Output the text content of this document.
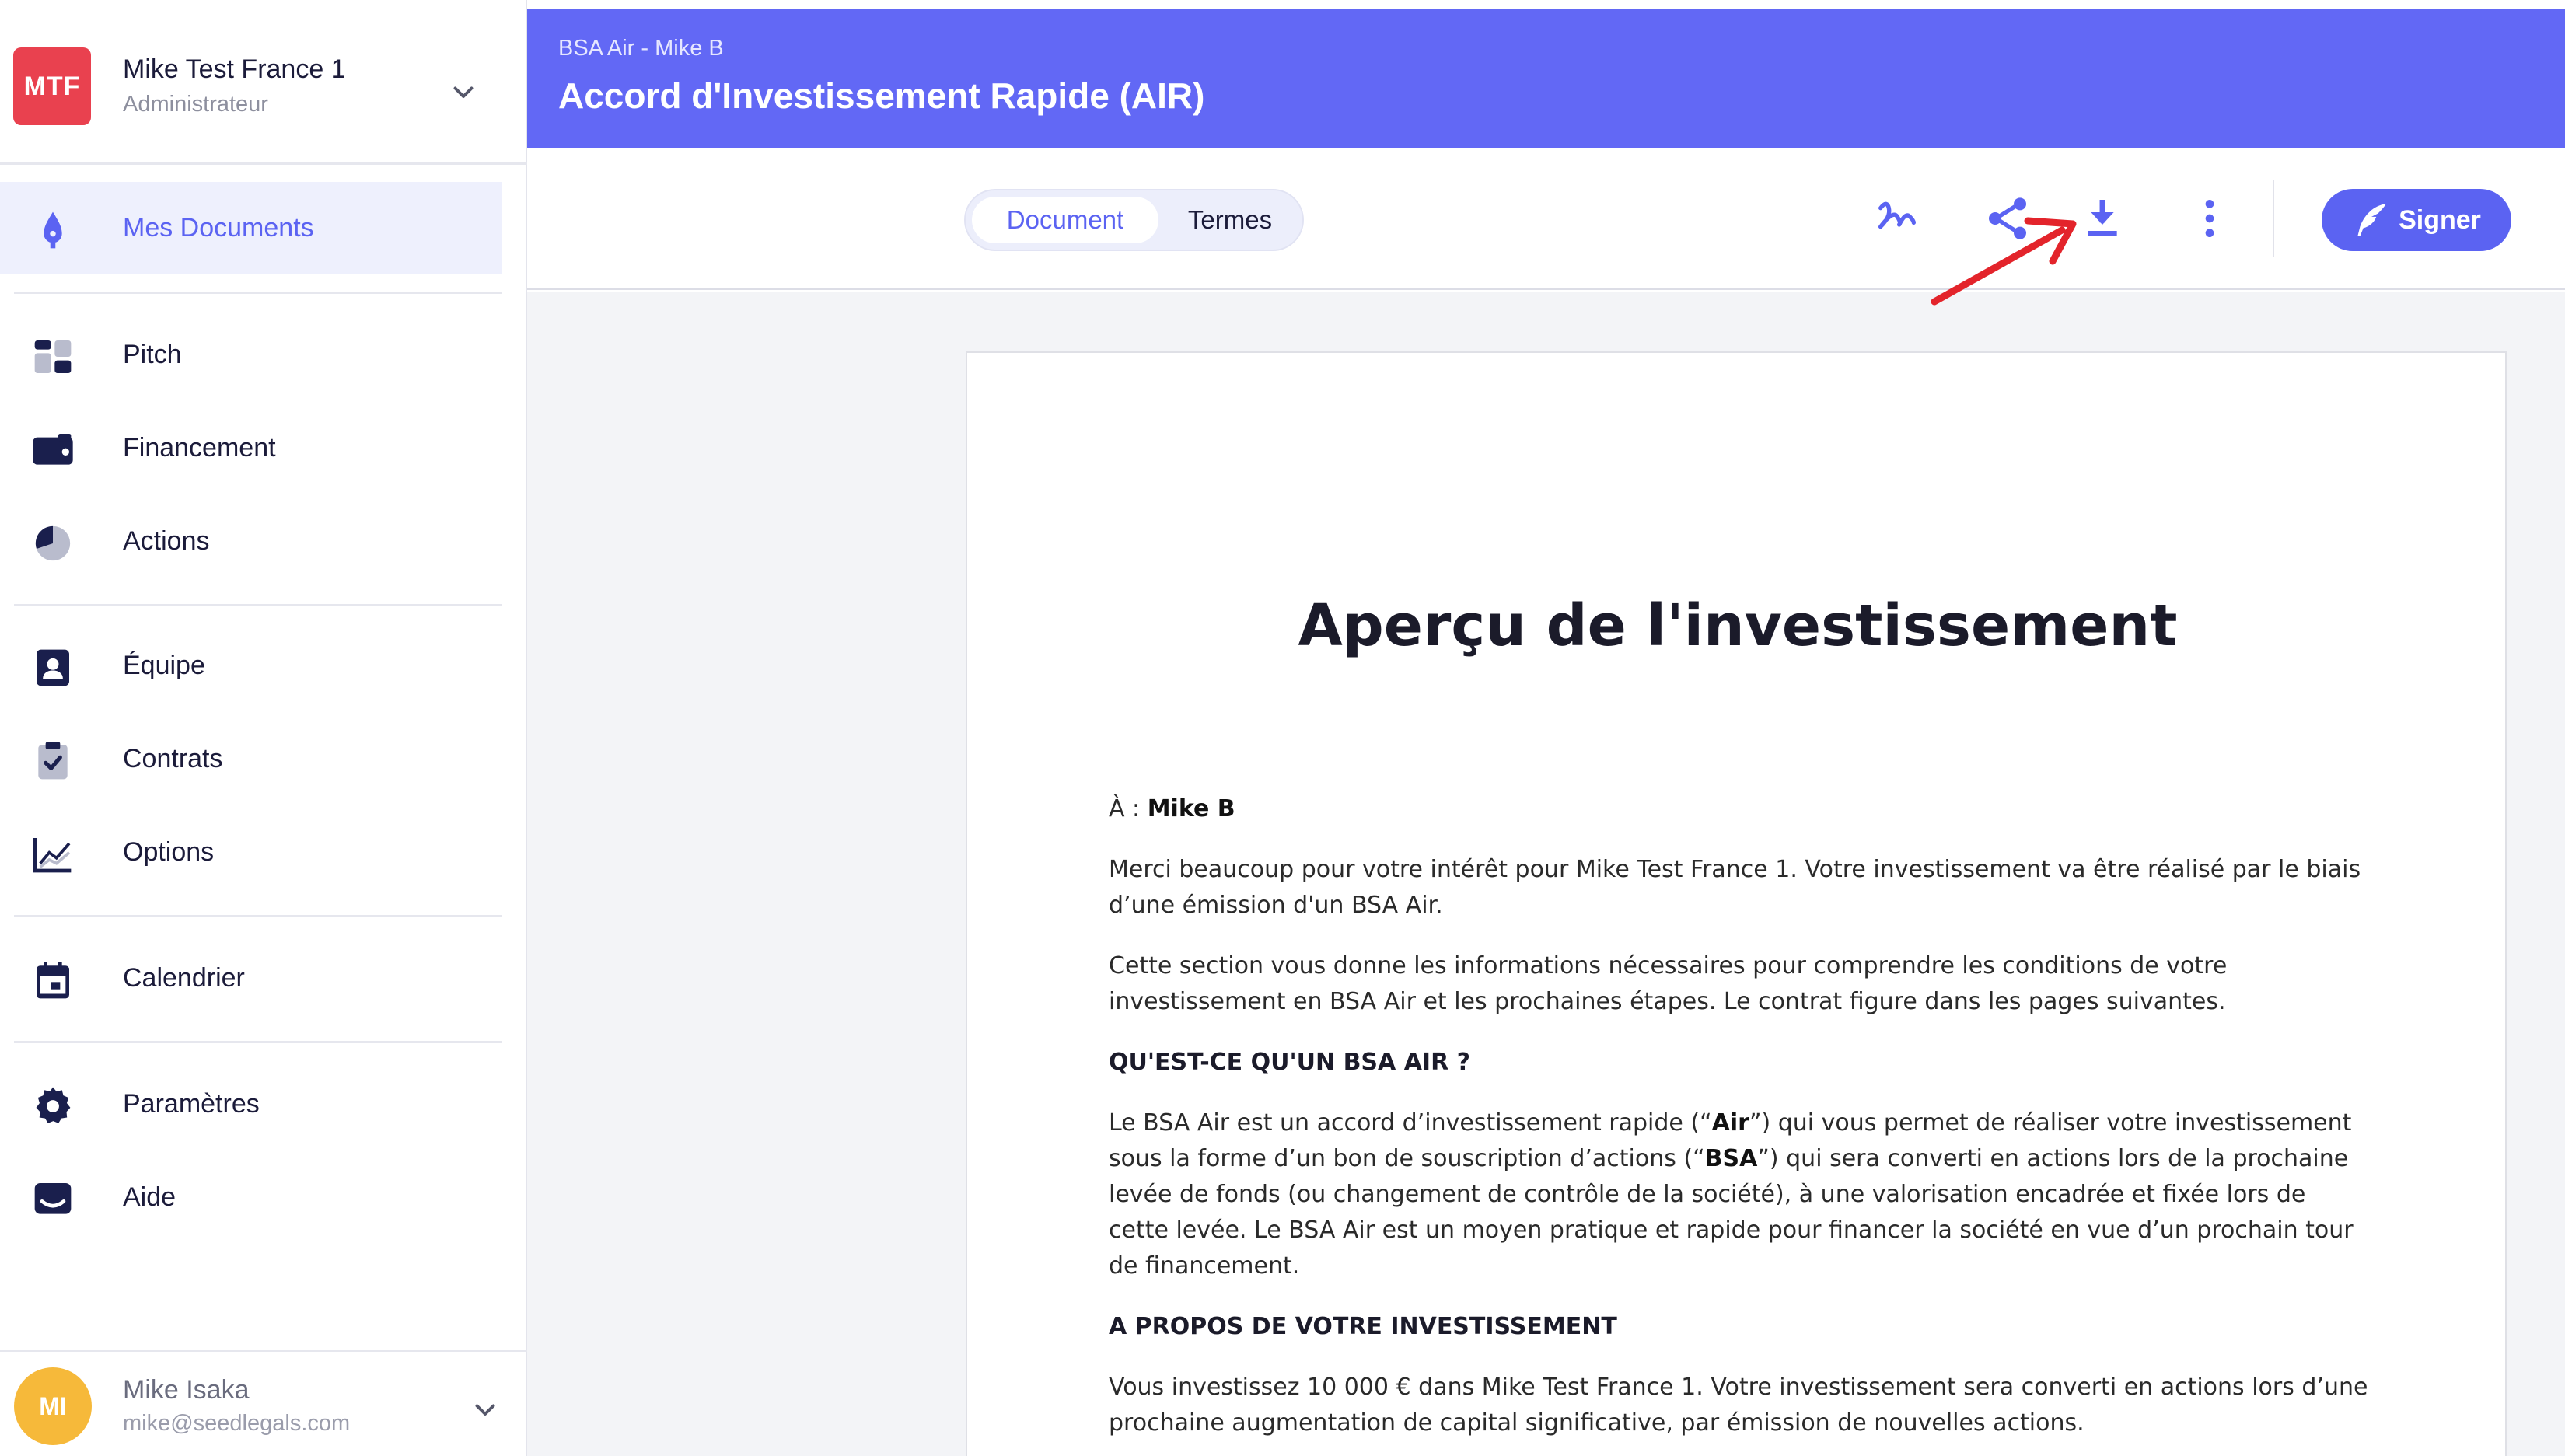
MTF
Mike Test France 1
Administrateur
Mes Documents
Pitch
Financement
Actions
Équipe
Contrats
Options
Calendrier
Paramètres
Aide
MI
Mike Isaka
mike@seedlegals.com
BSA Air - Mike B
Accord d'Investissement Rapide (AIR)
Document	Termes	Signer
Aperçu de l'investissement

À : Mike B

Merci beaucoup pour votre intérêt pour Mike Test France 1. Votre investissement va être réalisé par le biais d’une émission d'un BSA Air.

Cette section vous donne les informations nécessaires pour comprendre les conditions de votre investissement en BSA Air et les prochaines étapes. Le contrat figure dans les pages suivantes.

QU'EST-CE QU'UN BSA AIR ?

Le BSA Air est un accord d’investissement rapide (“Air”) qui vous permet de réaliser votre investissement sous la forme d’un bon de souscription d’actions (“BSA”) qui sera converti en actions lors de la prochaine levée de fonds (ou changement de contrôle de la société), à une valorisation encadrée et fixée lors de cette levée. Le BSA Air est un moyen pratique et rapide pour financer la société en vue d’un prochain tour de financement.

A PROPOS DE VOTRE INVESTISSEMENT

Vous investissez 10 000 € dans Mike Test France 1. Votre investissement sera converti en actions lors d’une prochaine augmentation de capital significative, par émission de nouvelles actions.
